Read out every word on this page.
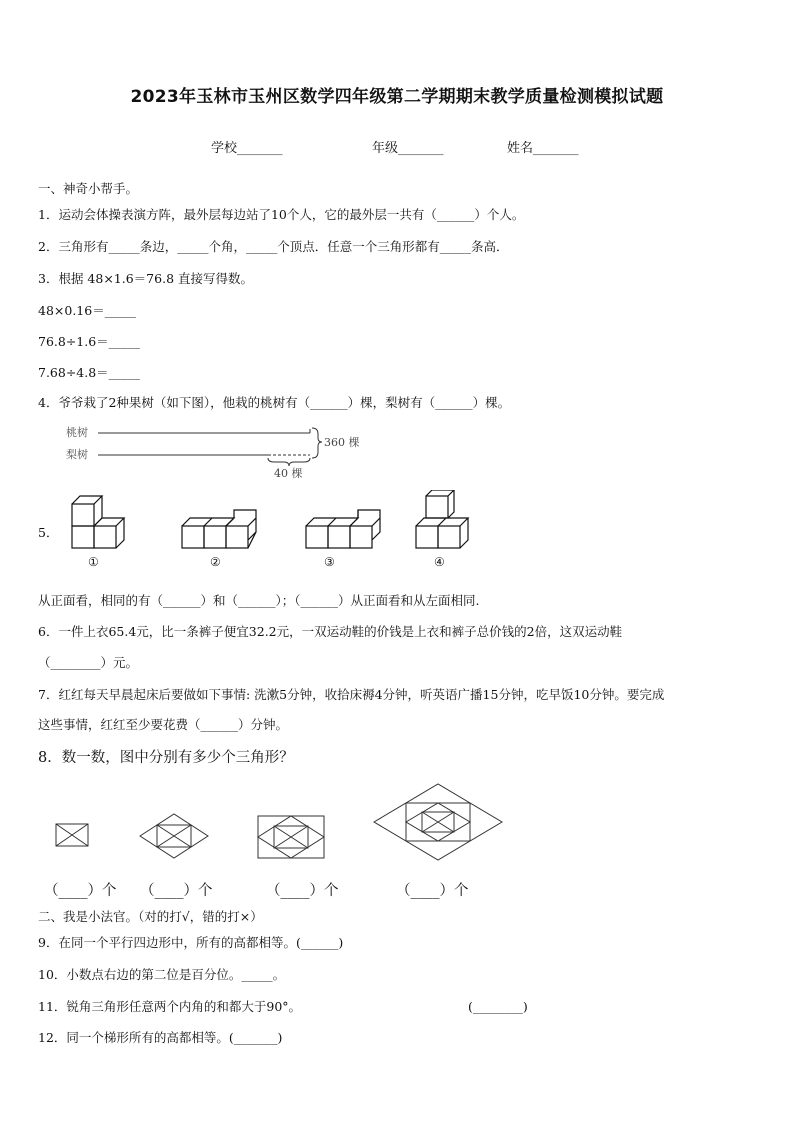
2023年玉林市玉州区数学四年级第二学期期末教学质量检测模拟试题
学校_______	年级_______	姓名_______
一、神奇小帮手。
1．运动会体操表演方阵，最外层每边站了10个人，它的最外层一共有（______）个人。
2．三角形有_____条边，_____个角，_____个顶点．任意一个三角形都有_____条高．
3．根据 48×1.6＝76.8 直接写得数。
48×0.16＝_____
76.8÷1.6＝_____
7.68÷4.8＝_____
4．爷爷栽了2种果树（如下图），他栽的桃树有（______）棵，梨树有（______）棵。
桃树
梨树
360 棵
40 棵
5．
①	②	③	④
从正面看，相同的有（______）和（______）；（______）从正面看和从左面相同.
6．一件上衣65.4元，比一条裤子便宜32.2元，一双运动鞋的价钱是上衣和裤子总价钱的2倍，这双运动鞋
（________）元。
7．红红每天早晨起床后要做如下事情: 洗漱5分钟，收拾床褥4分钟，听英语广播15分钟，吃早饭10分钟。要完成
这些事情，红红至少要花费（______）分钟。
8．数一数，图中分别有多少个三角形？
（____）个 （____）个	（____）个	（____）个
二、我是小法官。（对的打√，错的打×）
9．在同一个平行四边形中，所有的高都相等。(______)
10．小数点右边的第二位是百分位。_____。
11．锐角三角形任意两个内角的和都大于90°。	(________)
12．同一个梯形所有的高都相等。(_______)
